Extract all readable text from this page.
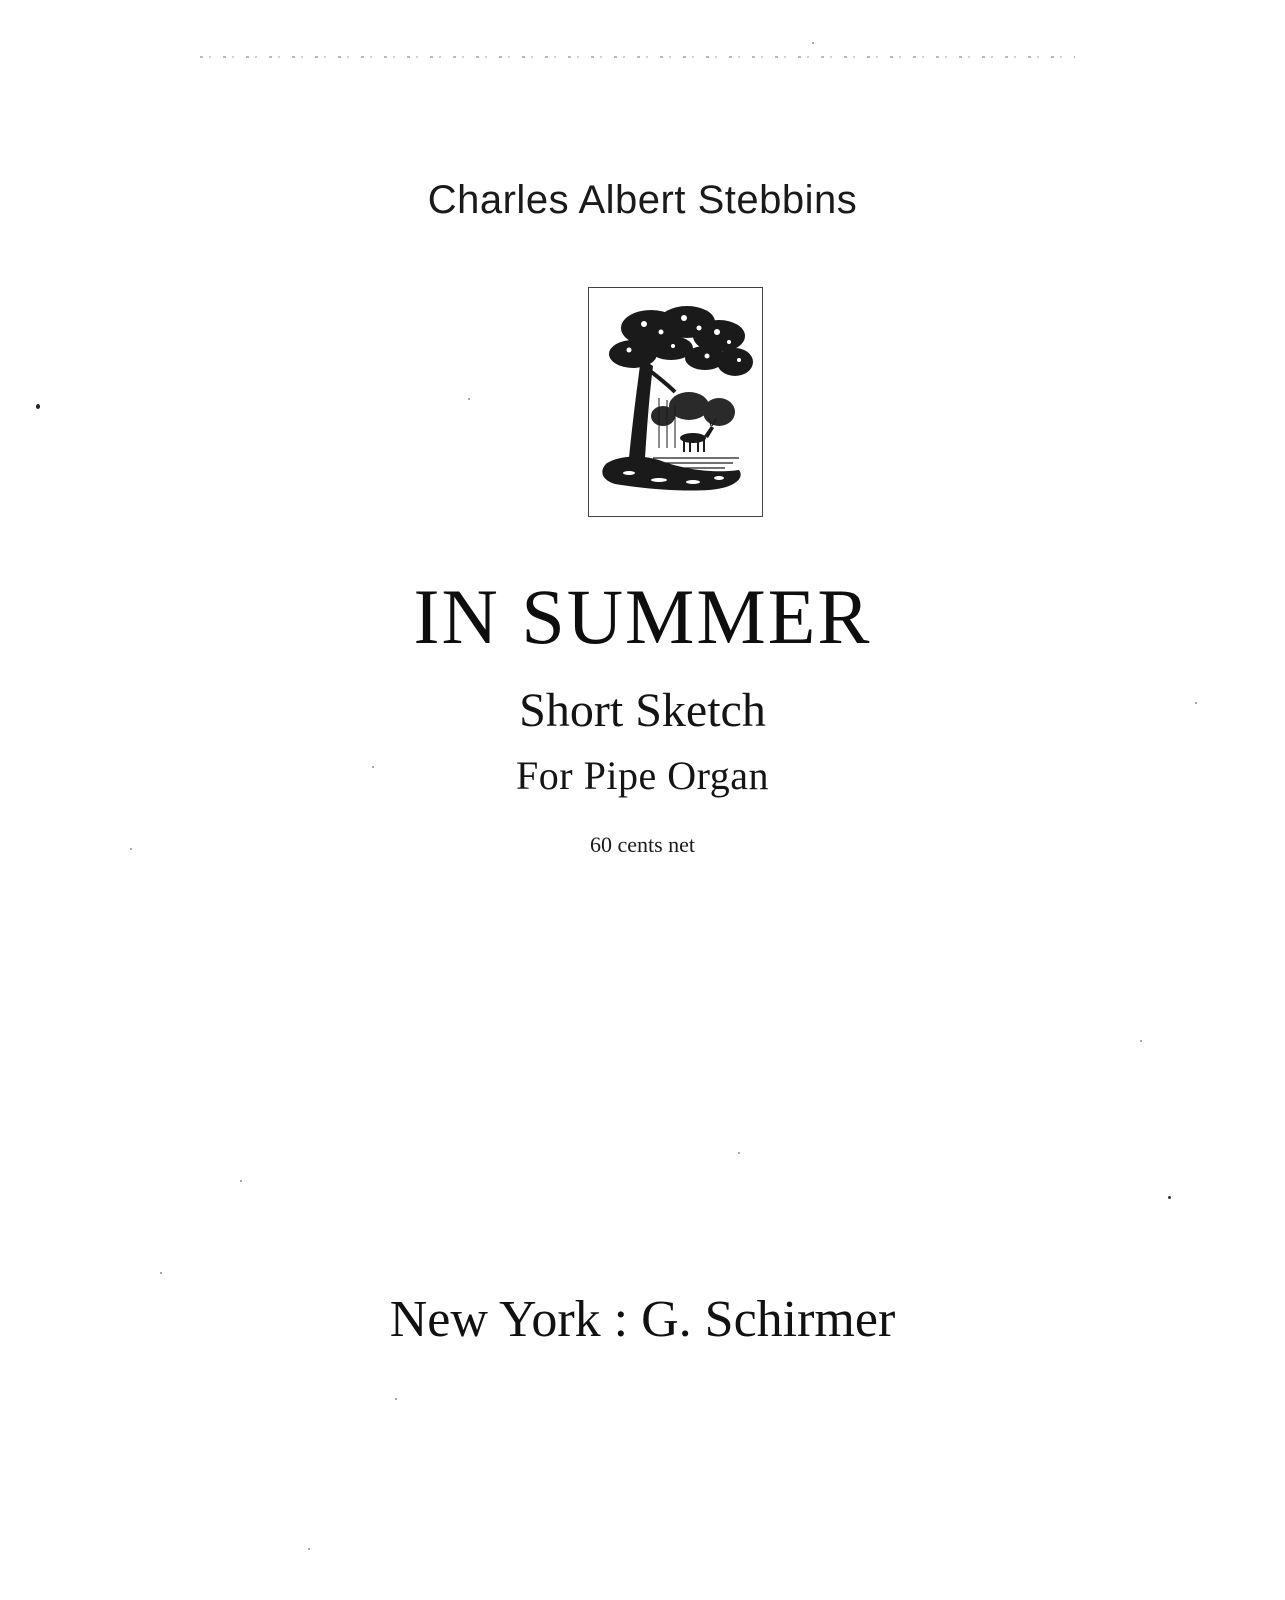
Charles Albert Stebbins
IN SUMMER
Short Sketch
For Pipe Organ
60 cents net
New York : G. Schirmer
